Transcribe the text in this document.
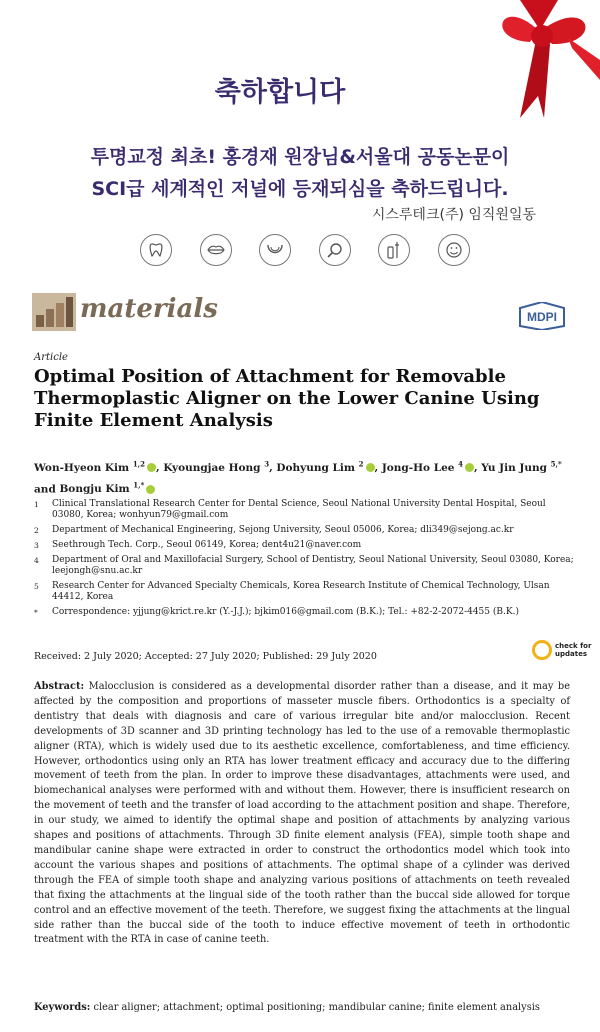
축하합니다
투명교정 최초! 홍경재 원장님&서울대 공동논문이
SCI급 세계적인 저널에 등재되심을 축하드립니다.
시스루테크(주) 임직원일동
materials	MDPI
Article
Optimal Position of Attachment for Removable
Thermoplastic Aligner on the Lower Canine Using
Finite Element Analysis
Won-Hyeon Kim $^{1,2}$ , Kyoungjae Hong $^3$, Dohyung Lim $^2$ , Jong-Ho Lee $^4$ , Yu Jin Jung $^{5,*}$ and Bongju Kim $^{1,*}$
1	Clinical Translational Research Center for Dental Science, Seoul National University Dental Hospital, Seoul 03080, Korea; wonhyun79@gmail.com
2	Department of Mechanical Engineering, Sejong University, Seoul 05006, Korea; dli349@sejong.ac.kr
3	Seethrough Tech. Corp., Seoul 06149, Korea; dent4u21@naver.com
4	Department of Oral and Maxillofacial Surgery, School of Dentistry, Seoul National University, Seoul 03080, Korea; leejongh@snu.ac.kr
5	Research Center for Advanced Specialty Chemicals, Korea Research Institute of Chemical Technology, Ulsan 44412, Korea
*	Correspondence: yjjung@krict.re.kr (Y.-J.J.); bjkim016@gmail.com (B.K.); Tel.: +82-2-2072-4455 (B.K.)
Received: 2 July 2020; Accepted: 27 July 2020; Published: 29 July 2020
check for
updates
Abstract: Malocclusion is considered as a developmental disorder rather than a disease, and it may be affected by the composition and proportions of masseter muscle fibers. Orthodontics is a specialty of dentistry that deals with diagnosis and care of various irregular bite and/or malocclusion. Recent developments of 3D scanner and 3D printing technology has led to the use of a removable thermoplastic aligner (RTA), which is widely used due to its aesthetic excellence, comfortableness, and time efficiency. However, orthodontics using only an RTA has lower treatment efficacy and accuracy due to the differing movement of teeth from the plan. In order to improve these disadvantages, attachments were used, and biomechanical analyses were performed with and without them. However, there is insufficient research on the movement of teeth and the transfer of load according to the attachment position and shape. Therefore, in our study, we aimed to identify the optimal shape and position of attachments by analyzing various shapes and positions of attachments. Through 3D finite element analysis (FEA), simple tooth shape and mandibular canine shape were extracted in order to construct the orthodontics model which took into account the various shapes and positions of attachments. The optimal shape of a cylinder was derived through the FEA of simple tooth shape and analyzing various positions of attachments on teeth revealed that fixing the attachments at the lingual side of the tooth rather than the buccal side allowed for torque control and an effective movement of the teeth. Therefore, we suggest fixing the attachments at the lingual side rather than the buccal side of the tooth to induce effective movement of teeth in orthodontic treatment with the RTA in case of canine teeth.
Keywords: clear aligner; attachment; optimal positioning; mandibular canine; finite element analysis
